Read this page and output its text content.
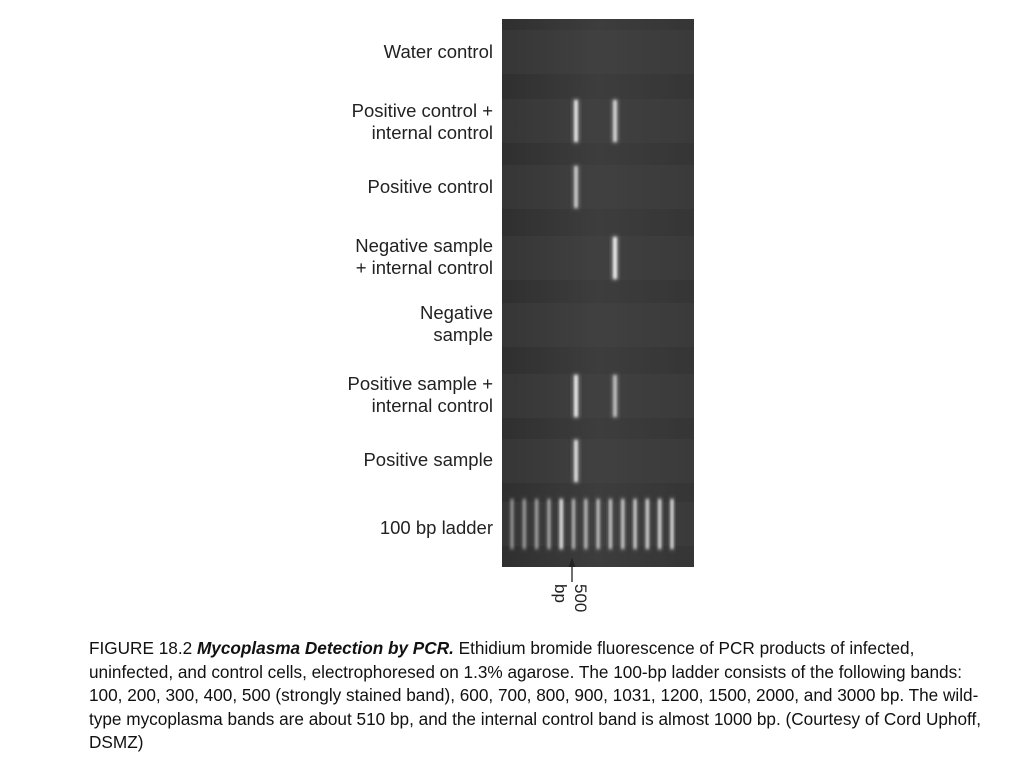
Water control
Positive control +
internal control
Positive control
Negative sample
+ internal control
Negative
sample
Positive sample +
internal control
Positive sample
100 bp ladder
500
bp
FIGURE 18.2 Mycoplasma Detection by PCR. Ethidium bromide fluorescence of PCR products of infected, uninfected, and control cells, electrophoresed on 1.3% agarose. The 100-bp ladder consists of the following bands: 100, 200, 300, 400, 500 (strongly stained band), 600, 700, 800, 900, 1031, 1200, 1500, 2000, and 3000 bp. The wild-type mycoplasma bands are about 510 bp, and the internal control band is almost 1000 bp. (Courtesy of Cord Uphoff, DSMZ)
